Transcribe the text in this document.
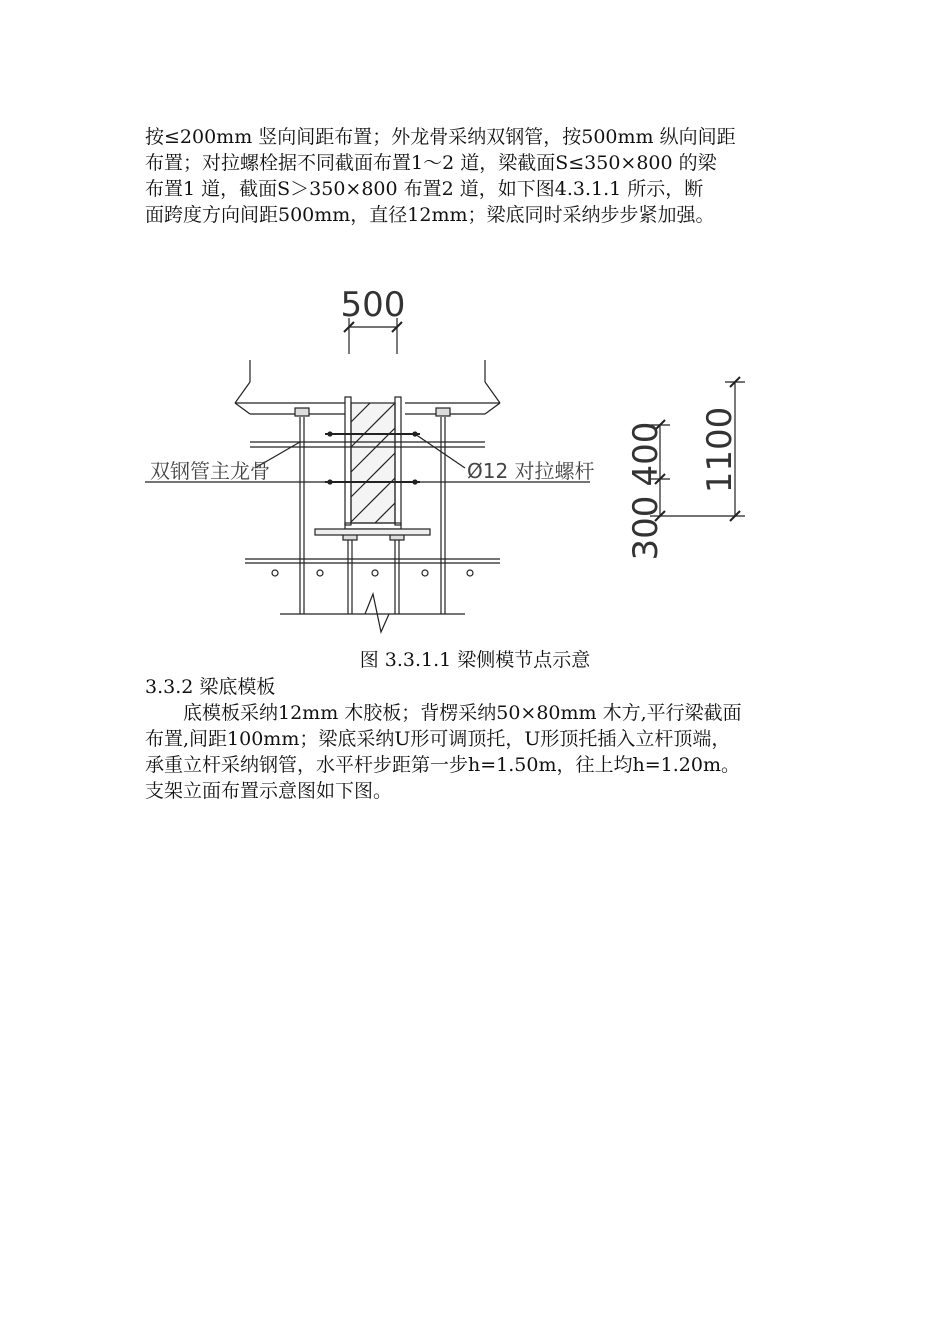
按≤200mm 竖向间距布置；外龙骨采纳双钢管，按500mm 纵向间距
布置；对拉螺栓据不同截面布置1～2 道，梁截面S≤350×800 的梁
布置1 道，截面S＞350×800 布置2 道，如下图4.3.1.1 所示，断
面跨度方向间距500mm，直径12mm；梁底同时采纳步步紧加强。
500
双钢管主龙骨	Ø12 对拉螺杆 400
300
1100
图 3.3.1.1 梁侧模节点示意
3.3.2 梁底模板
　　底模板采纳12mm 木胶板；背楞采纳50×80mm 木方,平行梁截面
布置,间距100mm；梁底采纳U形可调顶托，U形顶托插入立杆顶端，
承重立杆采纳钢管，水平杆步距第一步h=1.50m，往上均h=1.20m。
支架立面布置示意图如下图。
